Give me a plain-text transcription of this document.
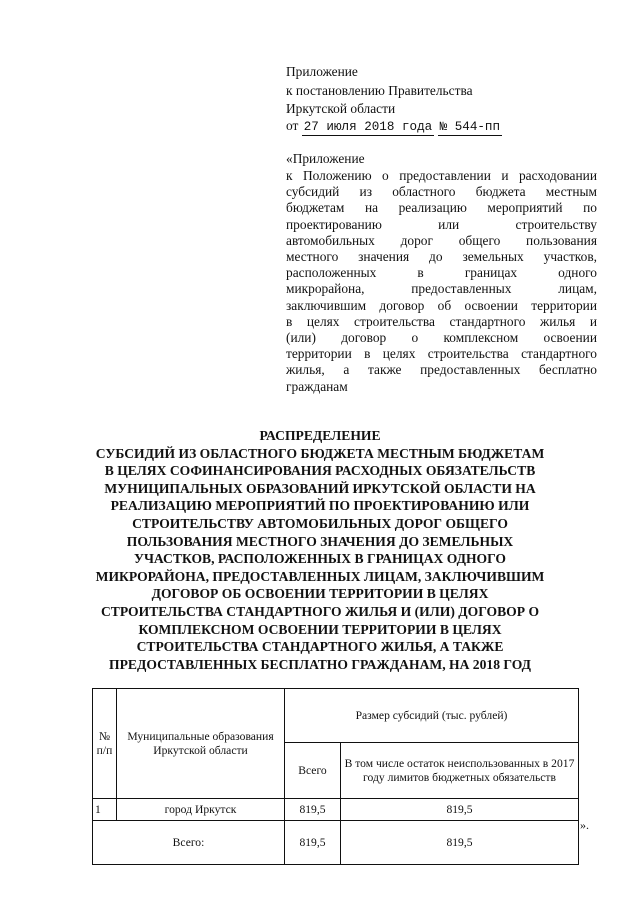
Приложение
к постановлению Правительства
Иркутской области
от 27 июля 2018 года № 544-пп
«Приложение
к Положению о предоставлении и расходовании
субсидий из областного бюджета местным
бюджетам на реализацию мероприятий по
проектированию или строительству
автомобильных дорог общего пользования
местного значения до земельных участков,
расположенных в границах одного
микрорайона, предоставленных лицам,
заключившим договор об освоении территории
в целях строительства стандартного жилья и
(или) договор о комплексном освоении
территории в целях строительства стандартного
жилья, а также предоставленных бесплатно
гражданам
РАСПРЕДЕЛЕНИЕ
СУБСИДИЙ ИЗ ОБЛАСТНОГО БЮДЖЕТА МЕСТНЫМ БЮДЖЕТАМ
В ЦЕЛЯХ СОФИНАНСИРОВАНИЯ РАСХОДНЫХ ОБЯЗАТЕЛЬСТВ
МУНИЦИПАЛЬНЫХ ОБРАЗОВАНИЙ ИРКУТСКОЙ ОБЛАСТИ НА
РЕАЛИЗАЦИЮ МЕРОПРИЯТИЙ ПО ПРОЕКТИРОВАНИЮ ИЛИ
СТРОИТЕЛЬСТВУ АВТОМОБИЛЬНЫХ ДОРОГ ОБЩЕГО
ПОЛЬЗОВАНИЯ МЕСТНОГО ЗНАЧЕНИЯ ДО ЗЕМЕЛЬНЫХ
УЧАСТКОВ, РАСПОЛОЖЕННЫХ В ГРАНИЦАХ ОДНОГО
МИКРОРАЙОНА, ПРЕДОСТАВЛЕННЫХ ЛИЦАМ, ЗАКЛЮЧИВШИМ
ДОГОВОР ОБ ОСВОЕНИИ ТЕРРИТОРИИ В ЦЕЛЯХ
СТРОИТЕЛЬСТВА СТАНДАРТНОГО ЖИЛЬЯ И (ИЛИ) ДОГОВОР О
КОМПЛЕКСНОМ ОСВОЕНИИ ТЕРРИТОРИИ В ЦЕЛЯХ
СТРОИТЕЛЬСТВА СТАНДАРТНОГО ЖИЛЬЯ, А ТАКЖЕ
ПРЕДОСТАВЛЕННЫХ БЕСПЛАТНО ГРАЖДАНАМ, НА 2018 ГОД
№
п/п	Муниципальные образования Иркутской области	Размер субсидий (тыс. рублей)	
		Всего	В том числе остаток неиспользованных в 2017 году лимитов бюджетных обязательств
1	город Иркутск	819,5	819,5
Всего:		819,5	819,5
».
